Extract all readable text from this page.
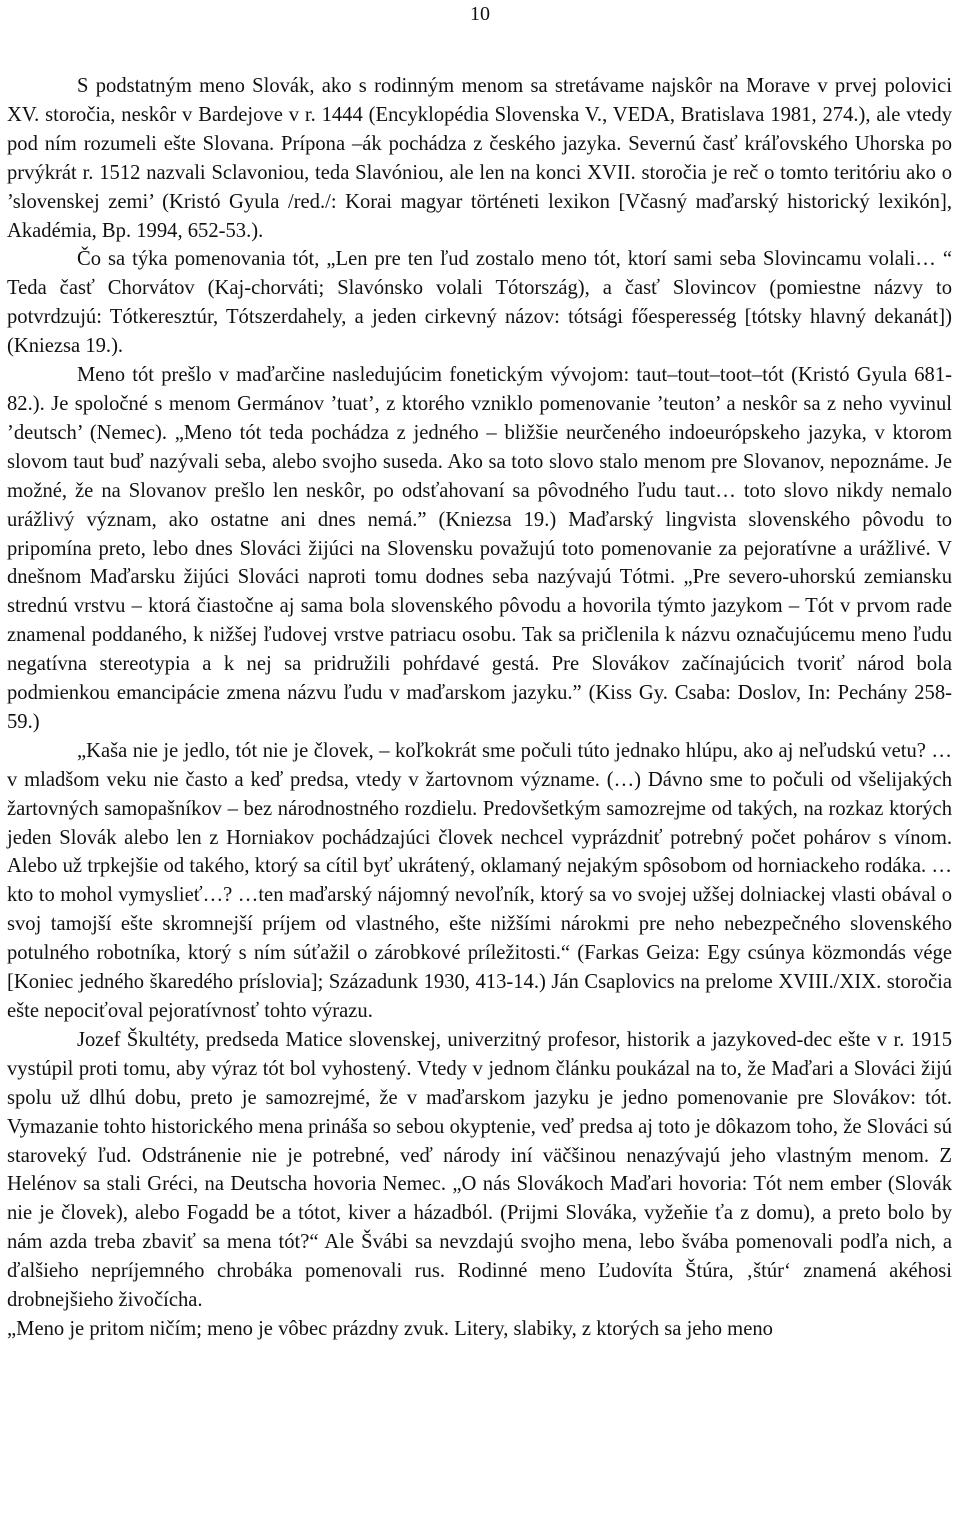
10

S podstatným meno Slovák, ako s rodinným menom sa stretávame najskôr na Morave v prvej polovici XV. storočia, neskôr v Bardejove v r. 1444 (Encyklopédia Slovenska V., VEDA, Bratislava 1981, 274.), ale vtedy pod ním rozumeli ešte Slovana. Prípona –ák pochádza z českého jazyka. Severnú časť kráľovského Uhorska po prvýkrát r. 1512 nazvali Sclavoniou, teda Slavóniou, ale len na konci XVII. storočia je reč o tomto teritóriu ako o ’slovenskej zemi’ (Kristó Gyula /red./: Korai magyar történeti lexikon [Včasný maďarský historický lexikón], Akadémia, Bp. 1994, 652-53.).

Čo sa týka pomenovania tót, „Len pre ten ľud zostalo meno tót, ktorí sami seba Slovincamu volali… “ Teda časť Chorvátov (Kaj-chorváti; Slavónsko volali Tótország), a časť Slovincov (pomiestne názvy to potvrdzujú: Tótkeresztúr, Tótszerdahely, a jeden cirkevný názov: tótsági főesperesség [tótsky hlavný dekanát]) (Kniezsa 19.).

Meno tót prešlo v maďarčine nasledujúcim fonetickým vývojom: taut–tout–toot–tót (Kristó Gyula 681-82.). Je spoločné s menom Germánov ’tuat’, z ktorého vzniklo pomenovanie ’teuton’ a neskôr sa z neho vyvinul ’deutsch’ (Nemec). „Meno tót teda pochádza z jedného – bližšie neurčeného indoeurópskeho jazyka, v ktorom slovom taut buď nazývali seba, alebo svojho suseda. Ako sa toto slovo stalo menom pre Slovanov, nepoznáme. Je možné, že na Slovanov prešlo len neskôr, po odsťahovaní sa pôvodného ľudu taut… toto slovo nikdy nemalo urážlivý význam, ako ostatne ani dnes nemá.” (Kniezsa 19.) Maďarský lingvista slovenského pôvodu to pripomína preto, lebo dnes Slováci žijúci na Slovensku považujú toto pomenovanie za pejoratívne a urážlivé. V dnešnom Maďarsku žijúci Slováci naproti tomu dodnes seba nazývajú Tótmi. „Pre severo-uhorskú zemiansku strednú vrstvu – ktorá čiastočne aj sama bola slovenského pôvodu a hovorila týmto jazykom – Tót v prvom rade znamenal poddaného, k nižšej ľudovej vrstve patriacu osobu. Tak sa pričlenila k názvu označujúcemu meno ľudu negatívna stereotypia a k nej sa pridružili pohŕdavé gestá. Pre Slovákov začínajúcich tvoriť národ bola podmienkou emancipácie zmena názvu ľudu v maďarskom jazyku.” (Kiss Gy. Csaba: Doslov, In: Pechány 258-59.)

„Kaša nie je jedlo, tót nie je človek, – koľkokrát sme počuli túto jednako hlúpu, ako aj neľudskú vetu? …v mladšom veku nie často a keď predsa, vtedy v žartovnom význame. (…) Dávno sme to počuli od všelijakých žartovných samopašníkov – bez národnostného rozdielu. Predovšetkým samozrejme od takých, na rozkaz ktorých jeden Slovák alebo len z Horniakov pochádzajúci človek nechcel vyprázdniť potrebný počet pohárov s vínom. Alebo už trpkejšie od takého, ktorý sa cítil byť ukrátený, oklamaný nejakým spôsobom od horniackeho rodáka. …kto to mohol vymyslieť…? …ten maďarský nájomný nevoľník, ktorý sa vo svojej užšej dolniackej vlasti obával o svoj tamojší ešte skromnejší príjem od vlastného, ešte nižšími nárokmi pre neho nebezpečného slovenského potulného robotníka, ktorý s ním súťažil o zárobkové príležitosti.“ (Farkas Geiza: Egy csúnya közmondás vége [Koniec jedného škaredého príslovia]; Századunk 1930, 413-14.) Ján Csaplovics na prelome XVIII./XIX. storočia ešte nepociťoval pejoratívnosť tohto výrazu.

Jozef Škultéty, predseda Matice slovenskej, univerzitný profesor, historik a jazykoved-dec ešte v r. 1915 vystúpil proti tomu, aby výraz tót bol vyhostený. Vtedy v jednom článku poukázal na to, že Maďari a Slováci žijú spolu už dlhú dobu, preto je samozrejmé, že v maďarskom jazyku je jedno pomenovanie pre Slovákov: tót. Vymazanie tohto historického mena prináša so sebou okyptenie, veď predsa aj toto je dôkazom toho, že Slováci sú staroveký ľud. Odstránenie nie je potrebné, veď národy iní väčšinou nenazývajú jeho vlastným menom. Z Helénov sa stali Gréci, na Deutscha hovoria Nemec. „O nás Slovákoch Maďari hovoria: Tót nem ember (Slovák nie je človek), alebo Fogadd be a tótot, kiver a házadból. (Prijmi Slováka, vyžeňie ťa z domu), a preto bolo by nám azda treba zbaviť sa mena tót?“ Ale Švábi sa nevzdajú svojho mena, lebo švába pomenovali podľa nich, a ďalšieho nepríjemného chrobáka pomenovali rus. Rodinné meno Ľudovíta Štúra, ‚štúr‘ znamená akéhosi drobnejšieho živočícha.

„Meno je pritom ničím; meno je vôbec prázdny zvuk. Litery, slabiky, z ktorých sa jeho meno
